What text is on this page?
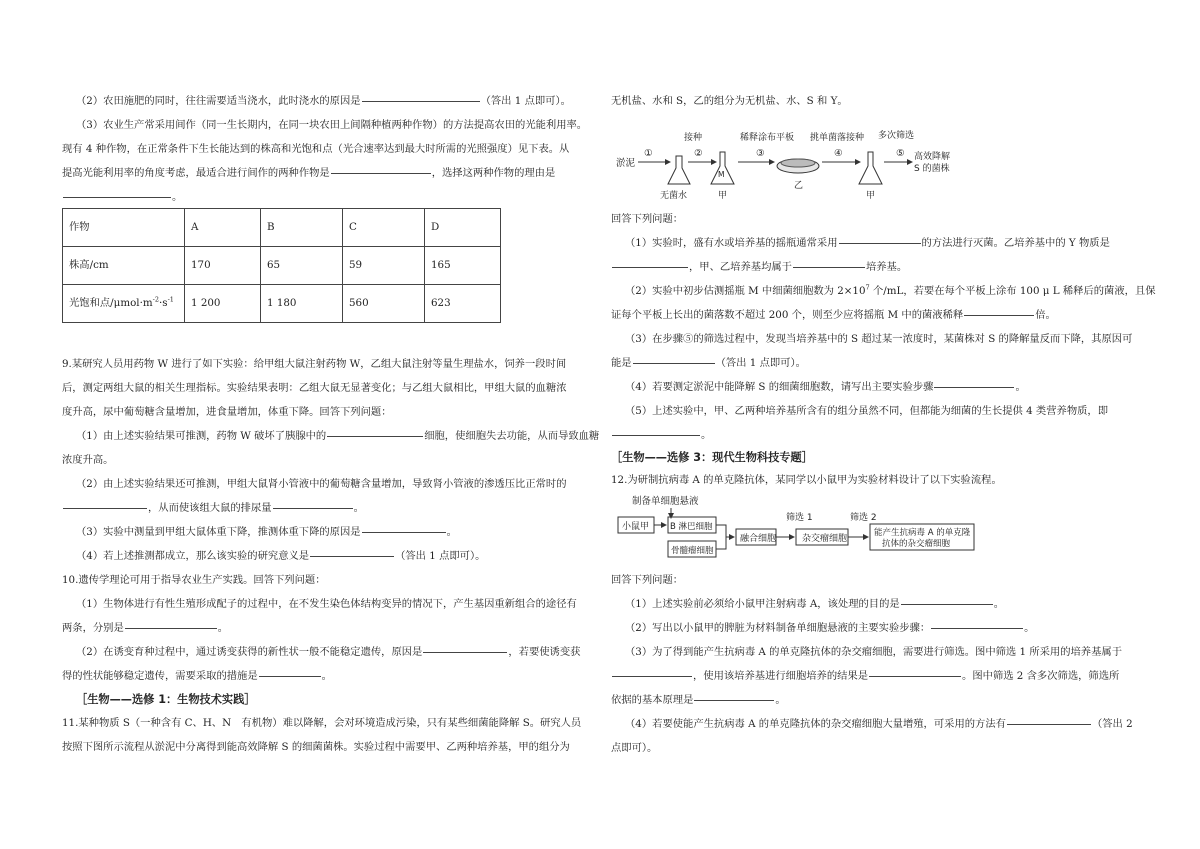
（2）农田施肥的同时，往往需要适当浇水，此时浇水的原因是	（答出 1 点即可）。
（3）农业生产常采用间作（同一生长期内，在同一块农田上间隔种植两种作物）的方法提高农田的光能利用率。
现有 4 种作物，在正常条件下生长能达到的株高和光饱和点（光合速率达到最大时所需的光照强度）见下表。从
提高光能利用率的角度考虑，最适合进行间作的两种作物是	，选择这两种作物的理由是
。
作物	A	B	C	D
株高/cm	170	65	59	165
光饱和点$/\mu mol\cdot m^{-2}\cdot s^{-1}$	1 200	1 180	560	623
9.某研究人员用药物 W 进行了如下实验：给甲组大鼠注射药物 W，乙组大鼠注射等量生理盐水，饲养一段时间
后，测定两组大鼠的相关生理指标。实验结果表明：乙组大鼠无显著变化；与乙组大鼠相比，甲组大鼠的血糖浓
度升高，尿中葡萄糖含量增加，进食量增加，体重下降。回答下列问题：
（1）由上述实验结果可推测，药物 W 破坏了胰腺中的	细胞，使细胞失去功能，从而导致血糖
浓度升高。
（2）由上述实验结果还可推测，甲组大鼠肾小管液中的葡萄糖含量增加，导致肾小管液的渗透压比正常时的
，从而使该组大鼠的排尿量	。
（3）实验中测量到甲组大鼠体重下降，推测体重下降的原因是	。
（4）若上述推测都成立，那么该实验的研究意义是	（答出 1 点即可）。
10.遗传学理论可用于指导农业生产实践。回答下列问题：
（1）生物体进行有性生殖形成配子的过程中，在不发生染色体结构变异的情况下，产生基因重新组合的途径有
两条，分别是	。
（2）在诱变育种过程中，通过诱变获得的新性状一般不能稳定遗传，原因是	，若要使诱变获
得的性状能够稳定遗传，需要采取的措施是	。
［生物——选修 1：生物技术实践］
11.某种物质 S（一种含有 C、H、N　有机物）难以降解，会对环境造成污染，只有某些细菌能降解 S。研究人员
按照下图所示流程从淤泥中分离得到能高效降解 S 的细菌菌株。实验过程中需要甲、乙两种培养基，甲的组分为
无机盐、水和 S，乙的组分为无机盐、水、S 和 Y。
淤泥
①
接种
无菌水
②
M
甲
稀释涂布平板
③
乙
挑单菌落接种
④
甲
多次筛选
⑤ 高效降解
S 的菌株
回答下列问题：
（1）实验时，盛有水或培养基的摇瓶通常采用	的方法进行灭菌。乙培养基中的 Y 物质是
，甲、乙培养基均属于	培养基。
（2）实验中初步估测摇瓶 M 中细菌细胞数为 $2\times 10^7$ 个/mL，若要在每个平板上涂布 100 μ L 稀释后的菌液，且保
证每个平板上长出的菌落数不超过 200 个，则至少应将摇瓶 M 中的菌液稀释	倍。
（3）在步骤⑤的筛选过程中，发现当培养基中的 S 超过某一浓度时，某菌株对 S 的降解量反而下降，其原因可
能是	（答出 1 点即可）。
（4）若要测定淤泥中能降解 S 的细菌细胞数，请写出主要实验步骤	。
（5）上述实验中，甲、乙两种培养基所含有的组分虽然不同，但都能为细菌的生长提供 4 类营养物质，即
。
［生物——选修 3：现代生物科技专题］
12.为研制抗病毒 A 的单克隆抗体，某同学以小鼠甲为实验材料设计了以下实验流程。
制备单细胞悬液
小鼠甲 B 淋巴细胞
骨髓瘤细胞
融合细胞
筛选 1
杂交瘤细胞
筛选 2
能产生抗病毒 A 的单克隆
抗体的杂交瘤细胞
回答下列问题：
（1）上述实验前必须给小鼠甲注射病毒 A，该处理的目的是	。
（2）写出以小鼠甲的脾脏为材料制备单细胞悬液的主要实验步骤：	。
（3）为了得到能产生抗病毒 A 的单克隆抗体的杂交瘤细胞，需要进行筛选。图中筛选 1 所采用的培养基属于
，使用该培养基进行细胞培养的结果是	。图中筛选 2 含多次筛选，筛选所
依据的基本原理是	。
（4）若要使能产生抗病毒 A 的单克隆抗体的杂交瘤细胞大量增殖，可采用的方法有	（答出 2
点即可）。
